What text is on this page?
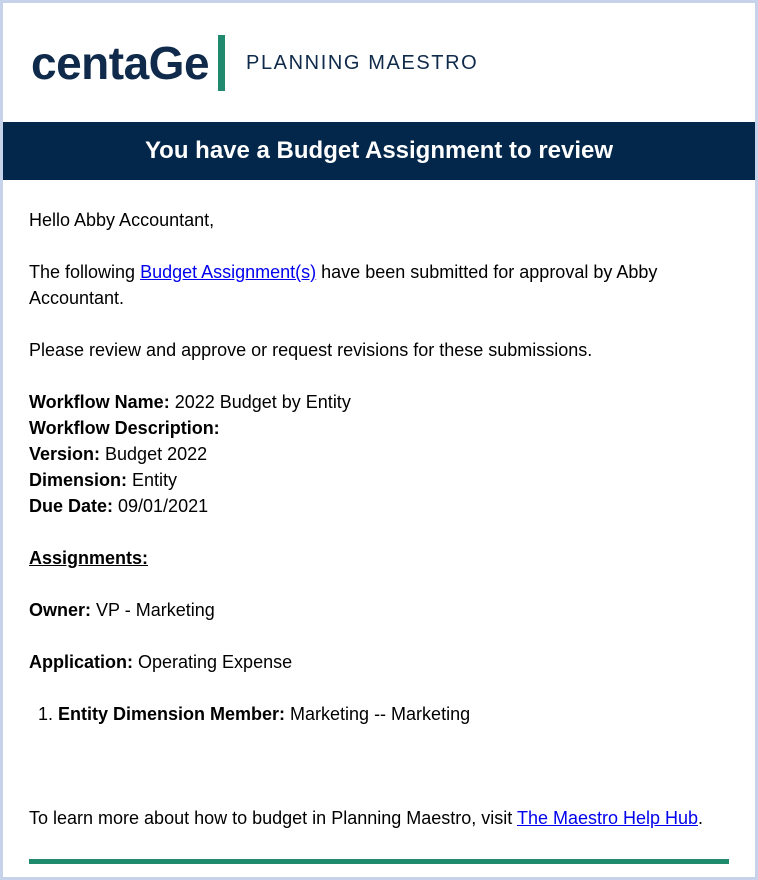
centaGe PLANNING MAESTRO
You have a Budget Assignment to review

Hello Abby Accountant,

The following Budget Assignment(s) have been submitted for approval by Abby Accountant.

Please review and approve or request revisions for these submissions.

Workflow Name: 2022 Budget by Entity

Workflow Description:

Version: Budget 2022

Dimension: Entity

Due Date: 09/01/2021

Assignments:

Owner: VP - Marketing

Application: Operating Expense

1. Entity Dimension Member: Marketing -- Marketing

To learn more about how to budget in Planning Maestro, visit The Maestro Help Hub.
